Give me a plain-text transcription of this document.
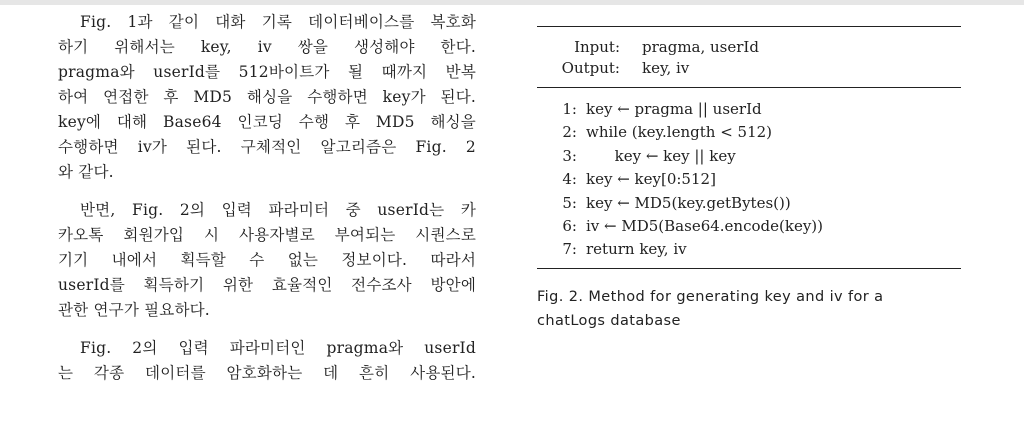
Fig. 1과 같이 대화 기록 데이터베이스를 복호화
하기 위해서는 key, iv 쌍을 생성해야 한다.
pragma와 userId를 512바이트가 될 때까지 반복
하여 연접한 후 MD5 해싱을 수행하면 key가 된다.
key에 대해 Base64 인코딩 수행 후 MD5 해싱을
수행하면 iv가 된다. 구체적인 알고리즘은 Fig. 2
와 같다.

반면, Fig. 2의 입력 파라미터 중 userId는 카
카오톡 회원가입 시 사용자별로 부여되는 시퀀스로
기기 내에서 획득할 수 없는 정보이다. 따라서
userId를 획득하기 위한 효율적인 전수조사 방안에
관한 연구가 필요하다.

Fig. 2의 입력 파라미터인 pragma와 userId
는 각종 데이터를 암호화하는 데 흔히 사용된다.

Input:	pragma, userId
Output:	key, iv
1: key ← pragma || userId
2: while (key.length < 512)
3: key ← key || key
4: key ← key[0:512]
5: key ← MD5(key.getBytes())
6: iv ← MD5(Base64.encode(key))
7: return key, iv
Fig. 2. Method for generating key and iv for a
chatLogs database
